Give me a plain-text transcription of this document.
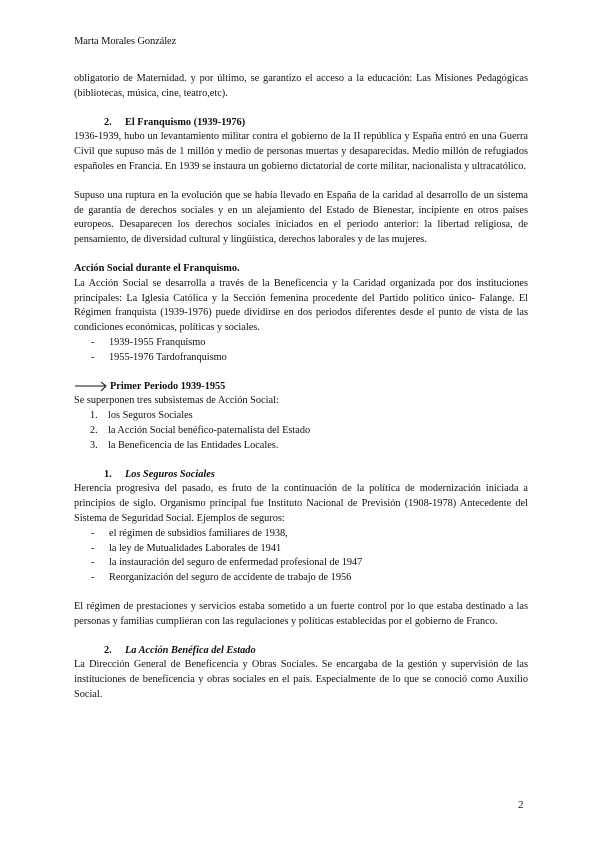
Marta Morales González

obligatorio de Maternidad. y por último, se garantizo el acceso a la educación: Las Misiones Pedagógicas (bibliotecas, música, cine, teatro,etc).

2.	El Franquismo (1939-1976)

1936-1939, hubo un levantamiento militar contra el gobierno de la II república y España entró en una Guerra Civil que supuso más de 1 millón y medio de personas muertas y desaparecidas. Medio millón de refugiados españoles en Francia. En 1939 se instaura un gobierno dictatorial de corte militar, nacionalista y ultracatólico.

Supuso una ruptura en la evolución que se había llevado en España de la caridad al desarrollo de un sistema de garantía de derechos sociales y en un alejamiento del Estado de Bienestar, incipiente en otros países europeos. Desaparecen los derechos sociales iniciados en el periodo anterior: la libertad religiosa, de pensamiento, de diversidad cultural y lingüística, derechos laborales y de las mujeres.

Acción Social durante el Franquismo.

La Acción Social se desarrolla a través de la Beneficencia y la Caridad organizada por dos instituciones principales: La Iglesia Católica y la Sección femenina procedente del Partido político único- Falange. El Régimen franquista (1939-1976) puede dividirse en dos periodos diferentes desde el punto de vista de las condiciones económicas, políticas y sociales.

-	1939-1955 Franquismo
-	1955-1976 Tardofranquismo
Primer Periodo 1939-1955

Se superponen tres subsistemas de Acción Social:

1. los Seguros Sociales
2. la Acción Social benéfico-paternalista del Estado
3. la Beneficencia de las Entidades Locales.
1.	Los Seguros Sociales

Herencia progresiva del pasado, es fruto de la continuación de la política de modernización iniciada a principios de siglo. Organismo principal fue Instituto Nacional de Previsión (1908-1978) Antecedente del Sistema de Seguridad Social. Ejemplos de seguros:

-	el régimen de subsidios familiares de 1938,
-	la ley de Mutualidades Laborales de 1941
-	la instauración del seguro de enfermedad profesional de 1947
-	Reorganización del seguro de accidente de trabajo de 1956

El régimen de prestaciones y servicios estaba sometido a un fuerte control por lo que estaba destinado a las personas y familias cumplieran con las regulaciones y políticas establecidas por el gobierno de Franco.

2.	La Acción Benéfica del Estado

La Dirección General de Beneficencia y Obras Sociales. Se encargaba de la gestión y supervisión de las instituciones de beneficencia y obras sociales en el país. Especialmente de lo que se conoció como Auxilio Social.

2
